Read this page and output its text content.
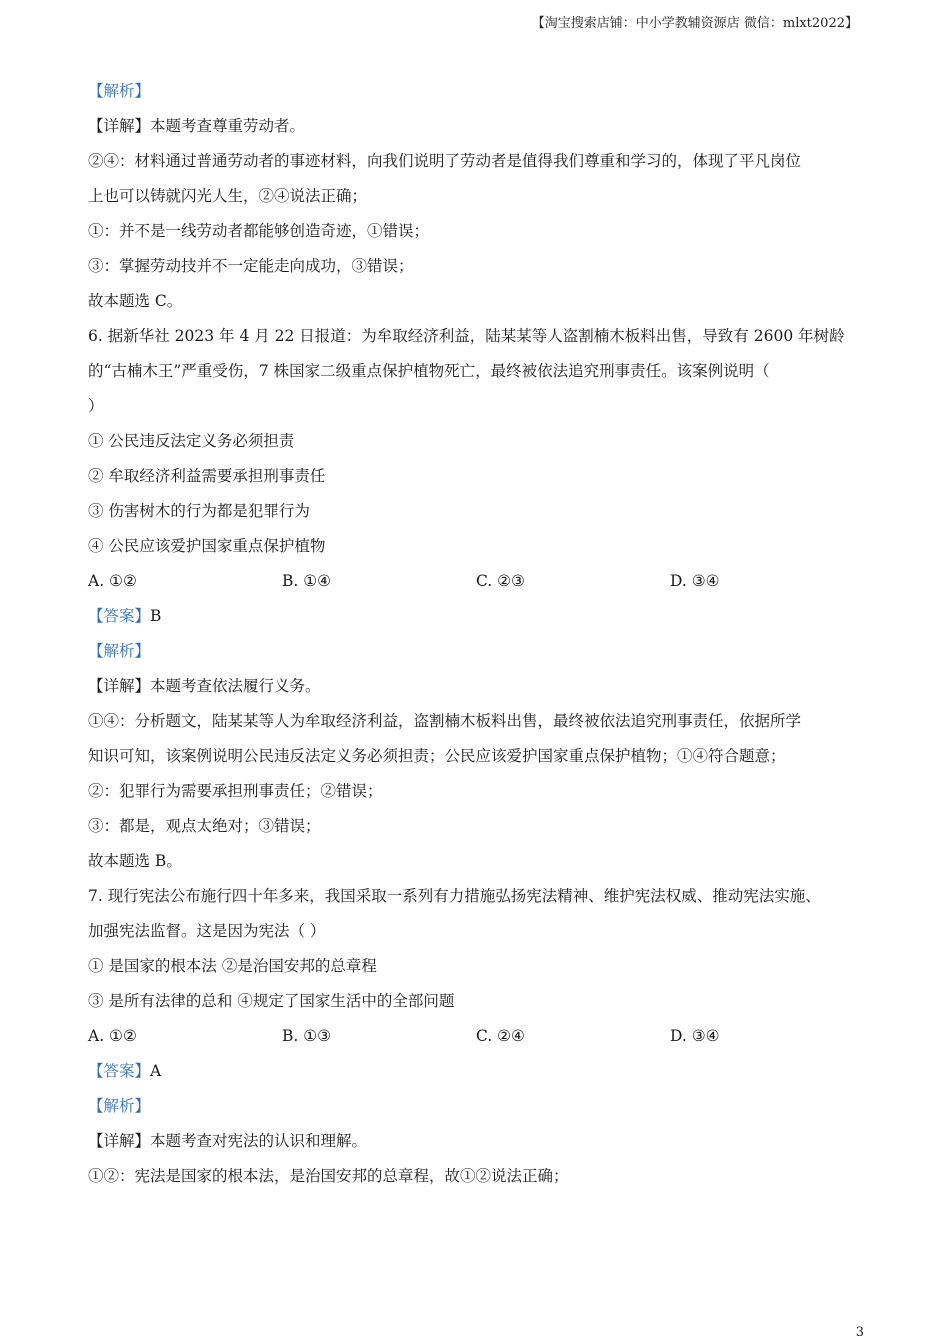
【淘宝搜索店铺：中小学教辅资源店 微信：mlxt2022】
【解析】
【详解】本题考查尊重劳动者。
②④：材料通过普通劳动者的事迹材料，向我们说明了劳动者是值得我们尊重和学习的，体现了平凡岗位
上也可以铸就闪光人生，②④说法正确；
①：并不是一线劳动者都能够创造奇迹，①错误；
③：掌握劳动技并不一定能走向成功，③错误；
故本题选 C。
6. 据新华社 2023 年 4 月 22 日报道：为牟取经济利益，陆某某等人盗割楠木板料出售，导致有 2600 年树龄
的“古楠木王”严重受伤，7 株国家二级重点保护植物死亡，最终被依法追究刑事责任。该案例说明（
）
① 公民违反法定义务必须担责
② 牟取经济利益需要承担刑事责任
③ 伤害树木的行为都是犯罪行为
④ 公民应该爱护国家重点保护植物
A. ①②	B. ①④	C. ②③	D. ③④
【答案】B
【解析】
【详解】本题考查依法履行义务。
①④：分析题文，陆某某等人为牟取经济利益，盗割楠木板料出售，最终被依法追究刑事责任，依据所学
知识可知，该案例说明公民违反法定义务必须担责；公民应该爱护国家重点保护植物；①④符合题意；
②：犯罪行为需要承担刑事责任；②错误；
③：都是，观点太绝对；③错误；
故本题选 B。
7. 现行宪法公布施行四十年多来，我国采取一系列有力措施弘扬宪法精神、维护宪法权威、推动宪法实施、
加强宪法监督。这是因为宪法（ ）
① 是国家的根本法 ②是治国安邦的总章程
③ 是所有法律的总和 ④规定了国家生活中的全部问题
A. ①②	B. ①③	C. ②④	D. ③④
【答案】A
【解析】
【详解】本题考查对宪法的认识和理解。
①②：宪法是国家的根本法，是治国安邦的总章程，故①②说法正确；
3
